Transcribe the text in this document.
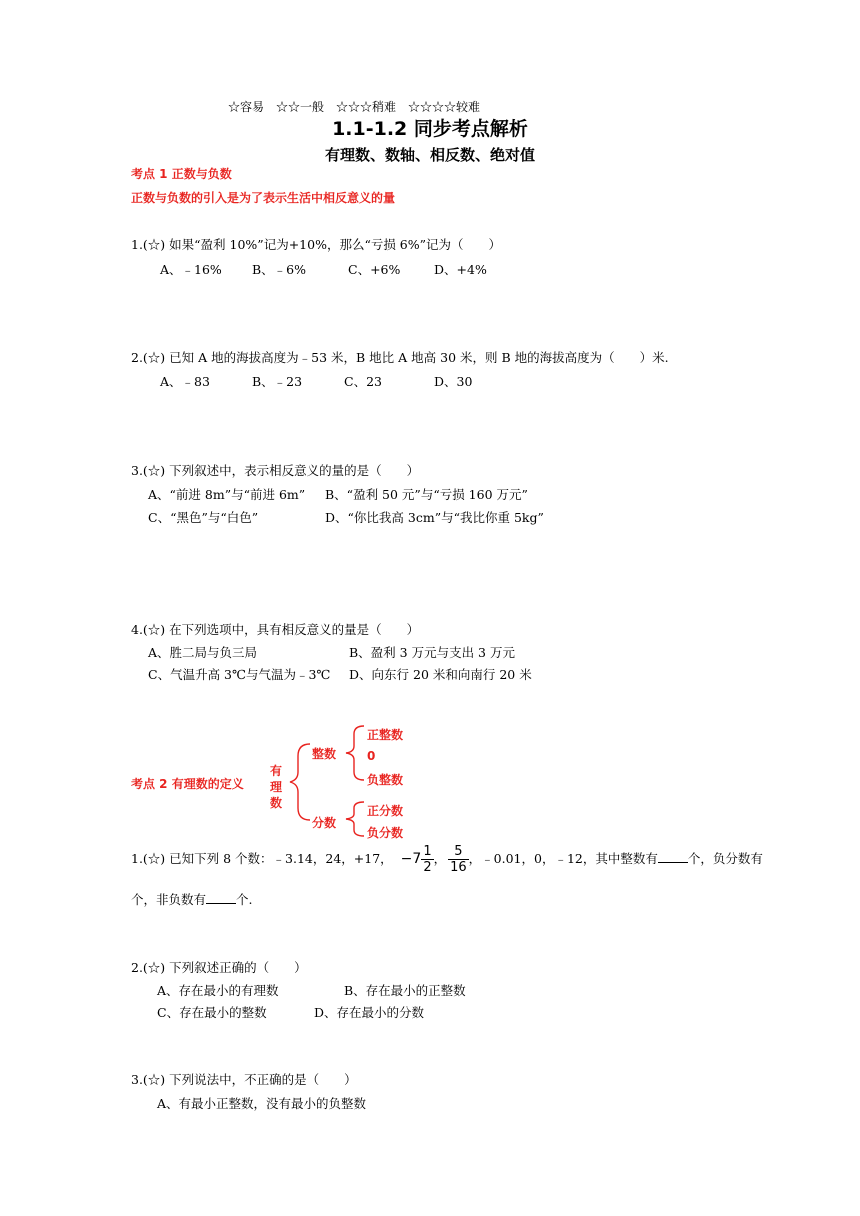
☆容易　☆☆一般　☆☆☆稍难　☆☆☆☆较难
1.1-1.2 同步考点解析
有理数、数轴、相反数、绝对值
考点 1 正数与负数
正数与负数的引入是为了表示生活中相反意义的量
1.(☆) 如果“盈利 10%”记为+10%，那么“亏损 6%”记为（　　）
A、﹣16% B、﹣6%	C、+6%	D、+4%
2.(☆) 已知 A 地的海拔高度为﹣53 米，B 地比 A 地高 30 米，则 B 地的海拔高度为（　　）米.
A、﹣83	B、﹣23	C、23	D、30
3.(☆) 下列叙述中，表示相反意义的量的是（　　）
A、“前进 8m”与“前进 6m” B、“盈利 50 元”与“亏损 160 万元”
C、“黑色”与“白色”	D、“你比我高 3cm”与“我比你重 5kg”
4.(☆) 在下列选项中，具有相反意义的量是（　　）
A、胜二局与负三局	B、盈利 3 万元与支出 3 万元
C、气温升高 3℃与气温为﹣3℃ D、向东行 20 米和向南行 20 米
考点 2 有理数的定义
有理数
整数
分数
正整数
0
负整数
正分数
负分数
1.(☆) 已知下列 8 个数：﹣3.14，24，+17， $-7 \frac{1}{2}$ ， $\frac{5}{16}$ ，﹣0.01，0，﹣12，其中整数有 个，负分数有
个，非负数有 个.
2.(☆) 下列叙述正确的（　　）
A、存在最小的有理数	B、存在最小的正整数
C、存在最小的整数	D、存在最小的分数
3.(☆) 下列说法中，不正确的是（　　）
A、有最小正整数，没有最小的负整数
